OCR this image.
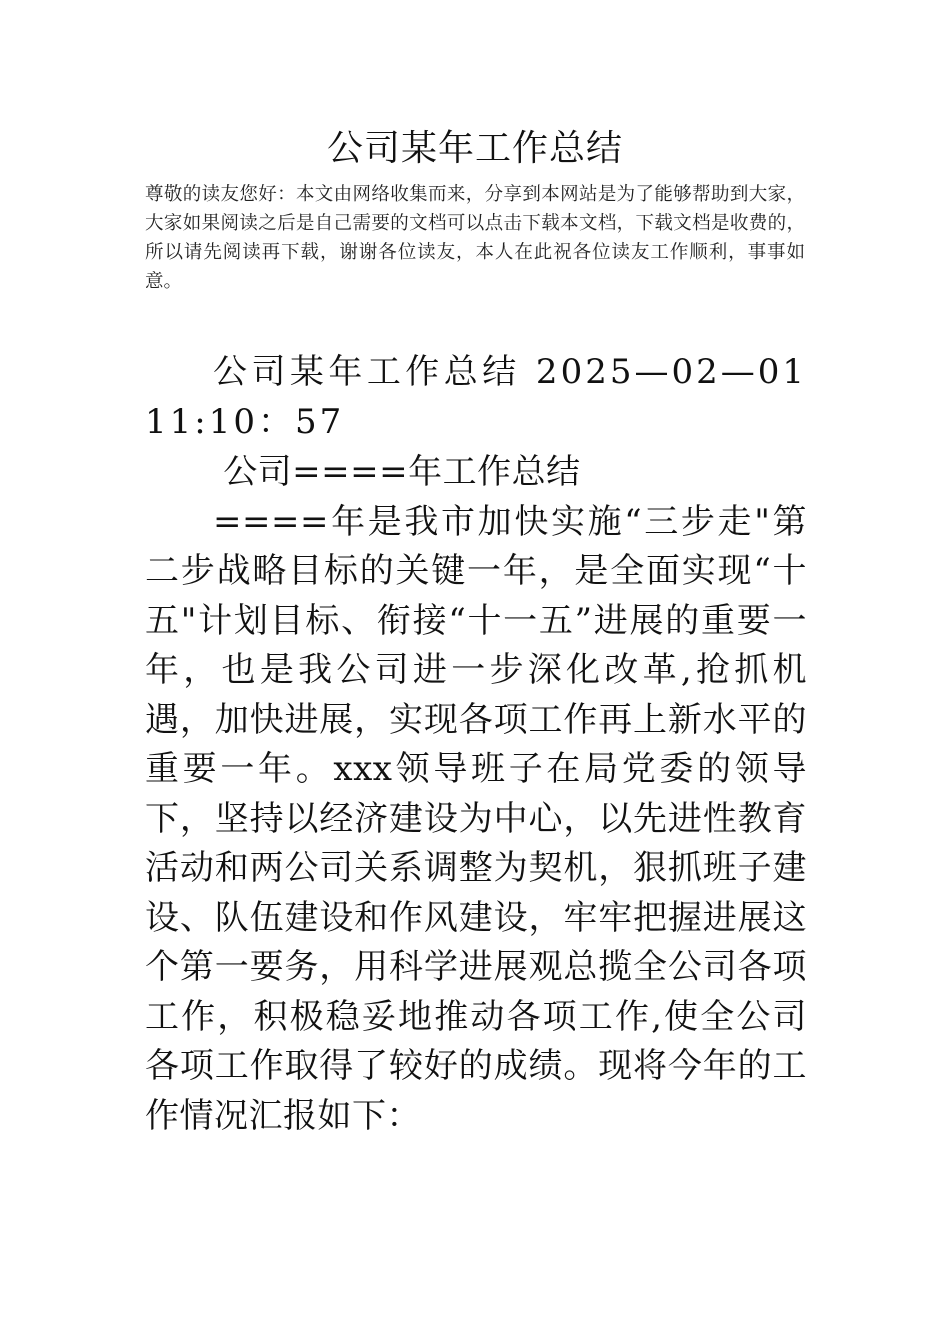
公司某年工作总结

尊敬的读友您好：本文由网络收集而来，分享到本网站是为了能够帮助到大家，大家如果阅读之后是自己需要的文档可以点击下载本文档，下载文档是收费的，所以请先阅读再下载，谢谢各位读友，本人在此祝各位读友工作顺利，事事如意。

公司某年工作总结 2025—02—01 11:10：57

公司====年工作总结

====年是我市加快实施“三步走"第二步战略目标的关键一年，是全面实现“十五"计划目标、衔接“十一五”进展的重要一年，也是我公司进一步深化改革,抢抓机遇，加快进展，实现各项工作再上新水平的重要一年。xxx领导班子在局党委的领导下，坚持以经济建设为中心，以先进性教育活动和两公司关系调整为契机，狠抓班子建设、队伍建设和作风建设，牢牢把握进展这个第一要务，用科学进展观总揽全公司各项工作，积极稳妥地推动各项工作,使全公司各项工作取得了较好的成绩。现将今年的工作情况汇报如下：
